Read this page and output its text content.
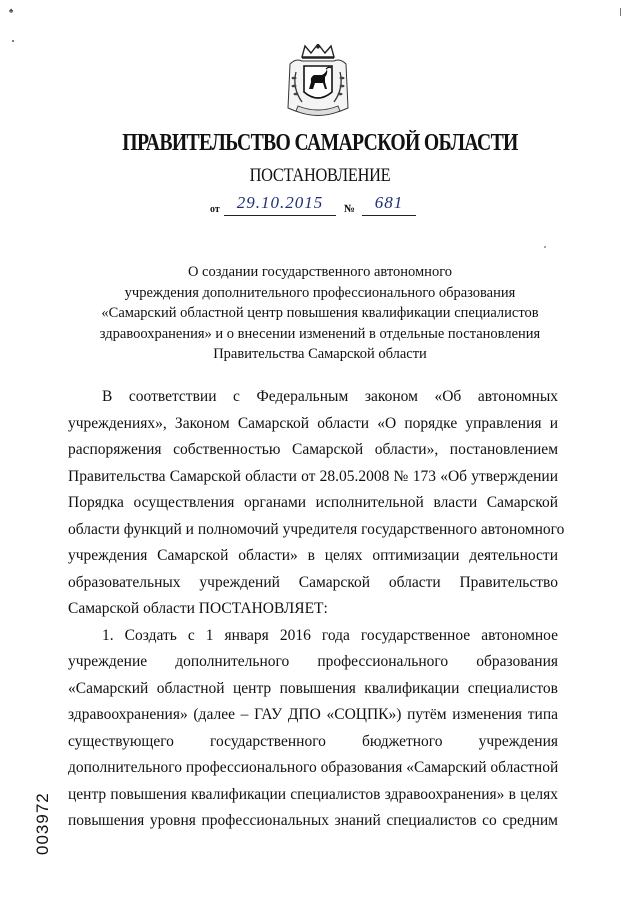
♠
ПРАВИТЕЛЬСТВО САМАРСКОЙ ОБЛАСТИ
ПОСТАНОВЛЕНИЕ
от 29.10.2015	№	681
О создании государственного автономного
учреждения дополнительного профессионального образования
«Самарский областной центр повышения квалификации специалистов
здравоохранения» и о внесении изменений в отдельные постановления
Правительства Самарской области
В соответствии с Федеральным законом «Об автономных
учреждениях», Законом Самарской области «О порядке управления и
распоряжения собственностью Самарской области», постановлением
Правительства Самарской области от 28.05.2008 № 173 «Об утверждении
Порядка осуществления органами исполнительной власти Самарской
области функций и полномочий учредителя государственного автономного
учреждения Самарской области» в целях оптимизации деятельности
образовательных учреждений Самарской области Правительство
Самарской области ПОСТАНОВЛЯЕТ:
1. Создать с 1 января 2016 года государственное автономное
учреждение дополнительного профессионального образования
«Самарский областной центр повышения квалификации специалистов
здравоохранения» (далее – ГАУ ДПО «СОЦПК») путём изменения типа
существующего государственного бюджетного учреждения
дополнительного профессионального образования «Самарский областной
центр повышения квалификации специалистов здравоохранения» в целях
повышения уровня профессиональных знаний специалистов со средним
003972
